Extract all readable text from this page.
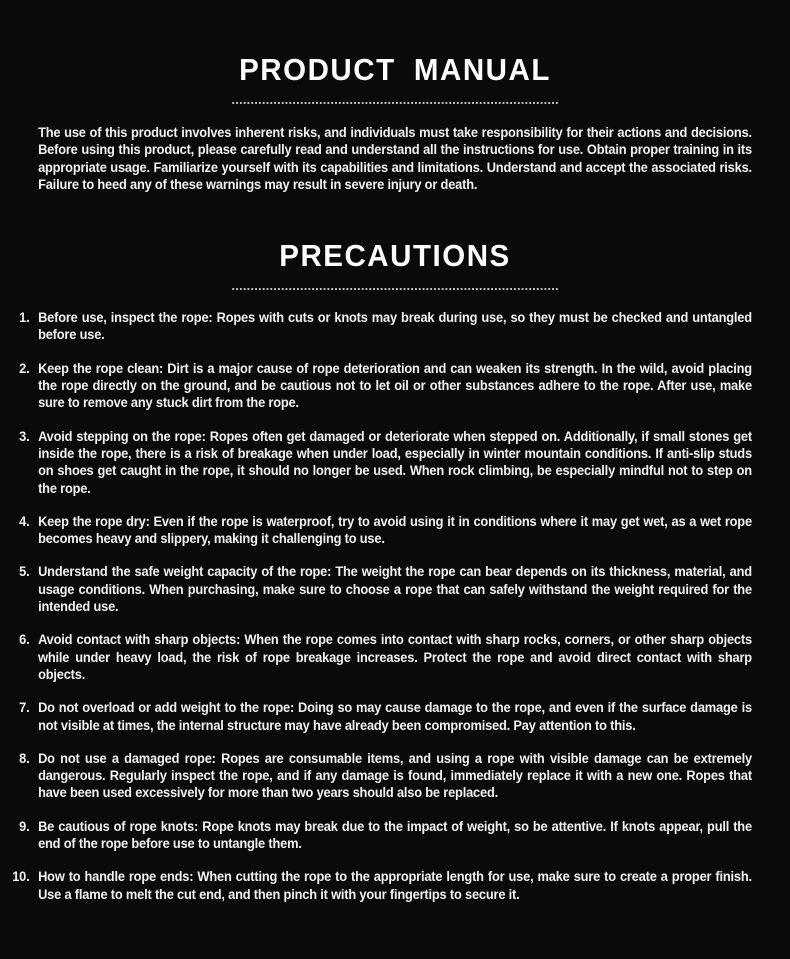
PRODUCT MANUAL

The use of this product involves inherent risks, and individuals must take responsibility for their actions and decisions. Before using this product, please carefully read and understand all the instructions for use. Obtain proper training in its appropriate usage. Familiarize yourself with its capabilities and limitations. Understand and accept the associated risks. Failure to heed any of these warnings may result in severe injury or death.

PRECAUTIONS
1. Before use, inspect the rope: Ropes with cuts or knots may break during use, so they must be checked and untangled before use.

2. Keep the rope clean: Dirt is a major cause of rope deterioration and can weaken its strength. In the wild, avoid placing the rope directly on the ground, and be cautious not to let oil or other substances adhere to the rope. After use, make sure to remove any stuck dirt from the rope.

3. Avoid stepping on the rope: Ropes often get damaged or deteriorate when stepped on. Additionally, if small stones get inside the rope, there is a risk of breakage when under load, especially in winter mountain conditions. If anti-slip studs on shoes get caught in the rope, it should no longer be used. When rock climbing, be especially mindful not to step on the rope.

4. Keep the rope dry: Even if the rope is waterproof, try to avoid using it in conditions where it may get wet, as a wet rope becomes heavy and slippery, making it challenging to use.

5. Understand the safe weight capacity of the rope: The weight the rope can bear depends on its thickness, material, and usage conditions. When purchasing, make sure to choose a rope that can safely withstand the weight required for the intended use.

6. Avoid contact with sharp objects: When the rope comes into contact with sharp rocks, corners, or other sharp objects while under heavy load, the risk of rope breakage increases. Protect the rope and avoid direct contact with sharp objects.

7. Do not overload or add weight to the rope: Doing so may cause damage to the rope, and even if the surface damage is not visible at times, the internal structure may have already been compromised. Pay attention to this.

8. Do not use a damaged rope: Ropes are consumable items, and using a rope with visible damage can be extremely dangerous. Regularly inspect the rope, and if any damage is found, immediately replace it with a new one. Ropes that have been used excessively for more than two years should also be replaced.

9. Be cautious of rope knots: Rope knots may break due to the impact of weight, so be attentive. If knots appear, pull the end of the rope before use to untangle them.

10. How to handle rope ends: When cutting the rope to the appropriate length for use, make sure to create a proper finish. Use a flame to melt the cut end, and then pinch it with your fingertips to secure it.
